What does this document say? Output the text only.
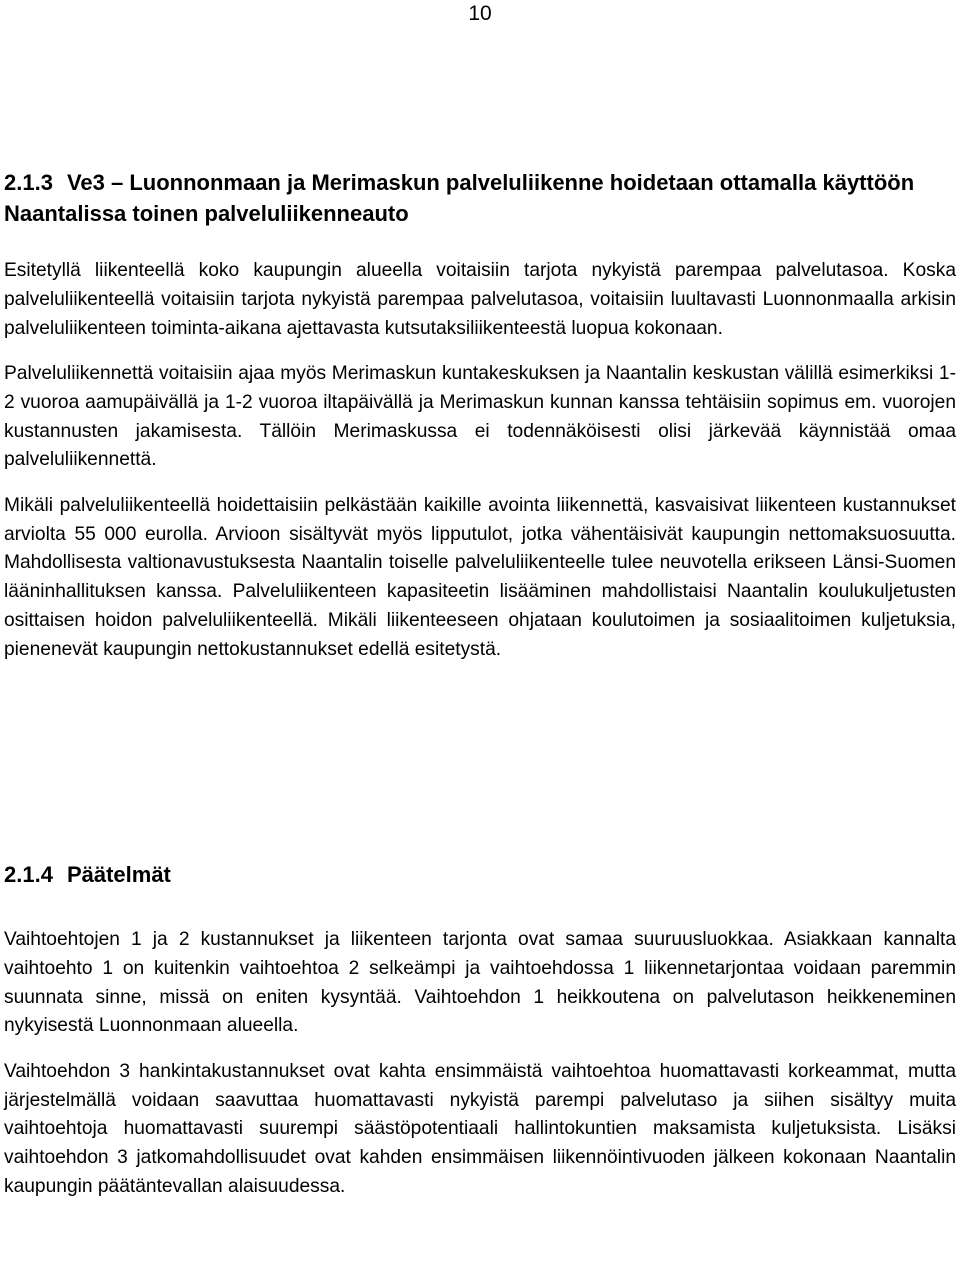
10
2.1.3 Ve3 – Luonnonmaan ja Merimaskun palveluliikenne hoidetaan ottamalla käyttöön Naantalissa toinen palveluliikenneauto

Esitetyllä liikenteellä koko kaupungin alueella voitaisiin tarjota nykyistä parempaa palvelutasoa. Koska palveluliikenteellä voitaisiin tarjota nykyistä parempaa palvelutasoa, voitaisiin luultavasti Luonnonmaalla arkisin palveluliikenteen toiminta-aikana ajettavasta kutsutaksiliikenteestä luopua kokonaan.

Palveluliikennettä voitaisiin ajaa myös Merimaskun kuntakeskuksen ja Naantalin keskustan välillä esimerkiksi 1-2 vuoroa aamupäivällä ja 1-2 vuoroa iltapäivällä ja Merimaskun kunnan kanssa tehtäisiin sopimus em. vuorojen kustannusten jakamisesta. Tällöin Merimaskussa ei todennäköisesti olisi järkevää käynnistää omaa palveluliikennettä.

Mikäli palveluliikenteellä hoidettaisiin pelkästään kaikille avointa liikennettä, kasvaisivat liikenteen kustannukset arviolta 55 000 eurolla. Arvioon sisältyvät myös lipputulot, jotka vähentäisivät kaupungin nettomaksuosuutta. Mahdollisesta valtionavustuksesta Naantalin toiselle palveluliikenteelle tulee neuvotella erikseen Länsi-Suomen lääninhallituksen kanssa. Palveluliikenteen kapasiteetin lisääminen mahdollistaisi Naantalin koulukuljetusten osittaisen hoidon palveluliikenteellä. Mikäli liikenteeseen ohjataan koulutoimen ja sosiaalitoimen kuljetuksia, pienenevät kaupungin nettokustannukset edellä esitetystä.

2.1.4 Päätelmät

Vaihtoehtojen 1 ja 2 kustannukset ja liikenteen tarjonta ovat samaa suuruusluokkaa. Asiakkaan kannalta vaihtoehto 1 on kuitenkin vaihtoehtoa 2 selkeämpi ja vaihtoehdossa 1 liikennetarjontaa voidaan paremmin suunnata sinne, missä on eniten kysyntää. Vaihtoehdon 1 heikkoutena on palvelutason heikkeneminen nykyisestä Luonnonmaan alueella.

Vaihtoehdon 3 hankintakustannukset ovat kahta ensimmäistä vaihtoehtoa huomattavasti korkeammat, mutta järjestelmällä voidaan saavuttaa huomattavasti nykyistä parempi palvelutaso ja siihen sisältyy muita vaihtoehtoja huomattavasti suurempi säästöpotentiaali hallintokuntien maksamista kuljetuksista. Lisäksi vaihtoehdon 3 jatkomahdollisuudet ovat kahden ensimmäisen liikennöintivuoden jälkeen kokonaan Naantalin kaupungin päätäntevallan alaisuudessa.
